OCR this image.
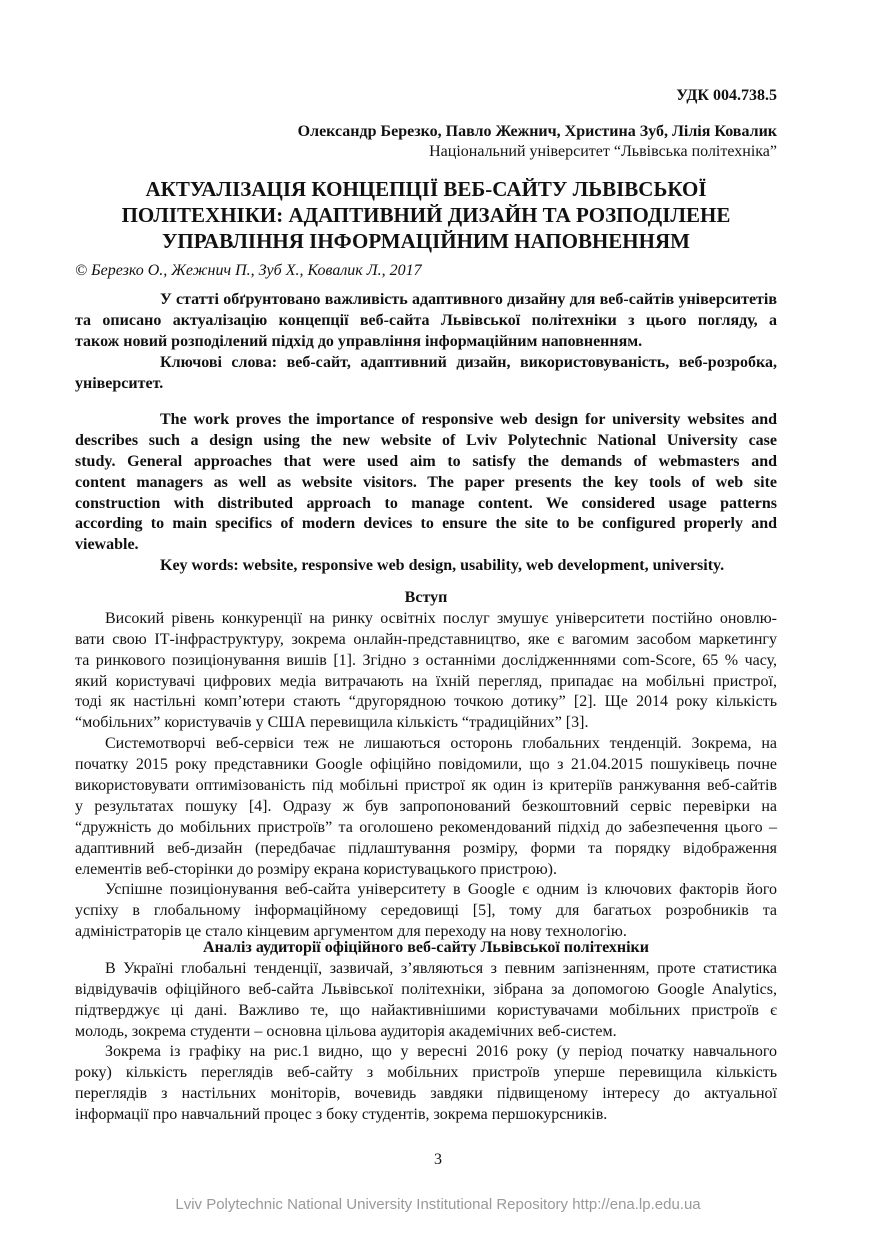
УДК 004.738.5
Олександр Березко, Павло Жежнич, Христина Зуб, Лілія Ковалик
Національний університет “Львівська політехніка”
АКТУАЛІЗАЦІЯ КОНЦЕПЦІЇ ВЕБ-САЙТУ ЛЬВІВСЬКОЇ
ПОЛІТЕХНІКИ: АДАПТИВНИЙ ДИЗАЙН ТА РОЗПОДІЛЕНЕ
УПРАВЛІННЯ ІНФОРМАЦІЙНИМ НАПОВНЕННЯМ
© Березко О., Жежнич П., Зуб Х., Ковалик Л., 2017
У статті обґрунтовано важливість адаптивного дизайну для веб-сайтів університетів
та описано актуалізацію концепції веб-сайта Львівської політехніки з цього погляду, а
також новий розподілений підхід до управління інформаційним наповненням.
Ключові слова: веб-сайт, адаптивний дизайн, використовуваність, веб-розробка,
університет.
The work proves the importance of responsive web design for university websites and
describes such a design using the new website of Lviv Polytechnic National University case
study. General approaches that were used aim to satisfy the demands of webmasters and
content managers as well as website visitors. The paper presents the key tools of web site
construction with distributed approach to manage content. We considered usage patterns
according to main specifics of modern devices to ensure the site to be configured properly and
viewable.
Key words: website, responsive web design, usability, web development, university.
Вступ
Високий рівень конкуренції на ринку освітніх послуг змушує університети постійно оновлю-
вати свою ІТ-інфраструктуру, зокрема онлайн-представництво, яке є вагомим засобом маркетингу
та ринкового позиціонування вишів [1]. Згідно з останніми дослідженннями com-Score, 65 % часу,
який користувачі цифрових медіа витрачають на їхній перегляд, припадає на мобільні пристрої,
тоді як настільні комп’ютери стають “другорядною точкою дотику” [2]. Ще 2014 року кількість
“мобільних” користувачів у США перевищила кількість “традиційних” [3].
Системотворчі веб-сервіси теж не лишаються осторонь глобальних тенденцій. Зокрема, на
початку 2015 року представники Google офіційно повідомили, що з 21.04.2015 пошуківець почне
використовувати оптимізованість під мобільні пристрої як один із критеріїв ранжування веб-сайтів
у результатах пошуку [4]. Одразу ж був запропонований безкоштовний сервіс перевірки на
“дружність до мобільних пристроїв” та оголошено рекомендований підхід до забезпечення цього –
адаптивний веб-дизайн (передбачає підлаштування розміру, форми та порядку відображення
елементів веб-сторінки до розміру екрана користувацького пристрою).
Успішне позиціонування веб-сайта університету в Google є одним із ключових факторів його
успіху в глобальному інформаційному середовищі [5], тому для багатьох розробників та
адміністраторів це стало кінцевим аргументом для переходу на нову технологію.
Аналіз аудиторії офіційного веб-сайту Львівської політехніки
В Україні глобальні тенденції, зазвичай, з’являються з певним запізненням, проте статистика
відвідувачів офіційного веб-сайта Львівської політехніки, зібрана за допомогою Google Analytics,
підтверджує ці дані. Важливо те, що найактивнішими користувачами мобільних пристроїв є
молодь, зокрема студенти – основна цільова аудиторія академічних веб-систем.
Зокрема із графіку на рис.1 видно, що у вересні 2016 року (у період початку навчального
року) кількість переглядів веб-сайту з мобільних пристроїв уперше перевищила кількість
переглядів з настільних моніторів, вочевидь завдяки підвищеному інтересу до актуальної
інформації про навчальний процес з боку студентів, зокрема першокурсників.
3
Lviv Polytechnic National University Institutional Repository http://ena.lp.edu.ua
